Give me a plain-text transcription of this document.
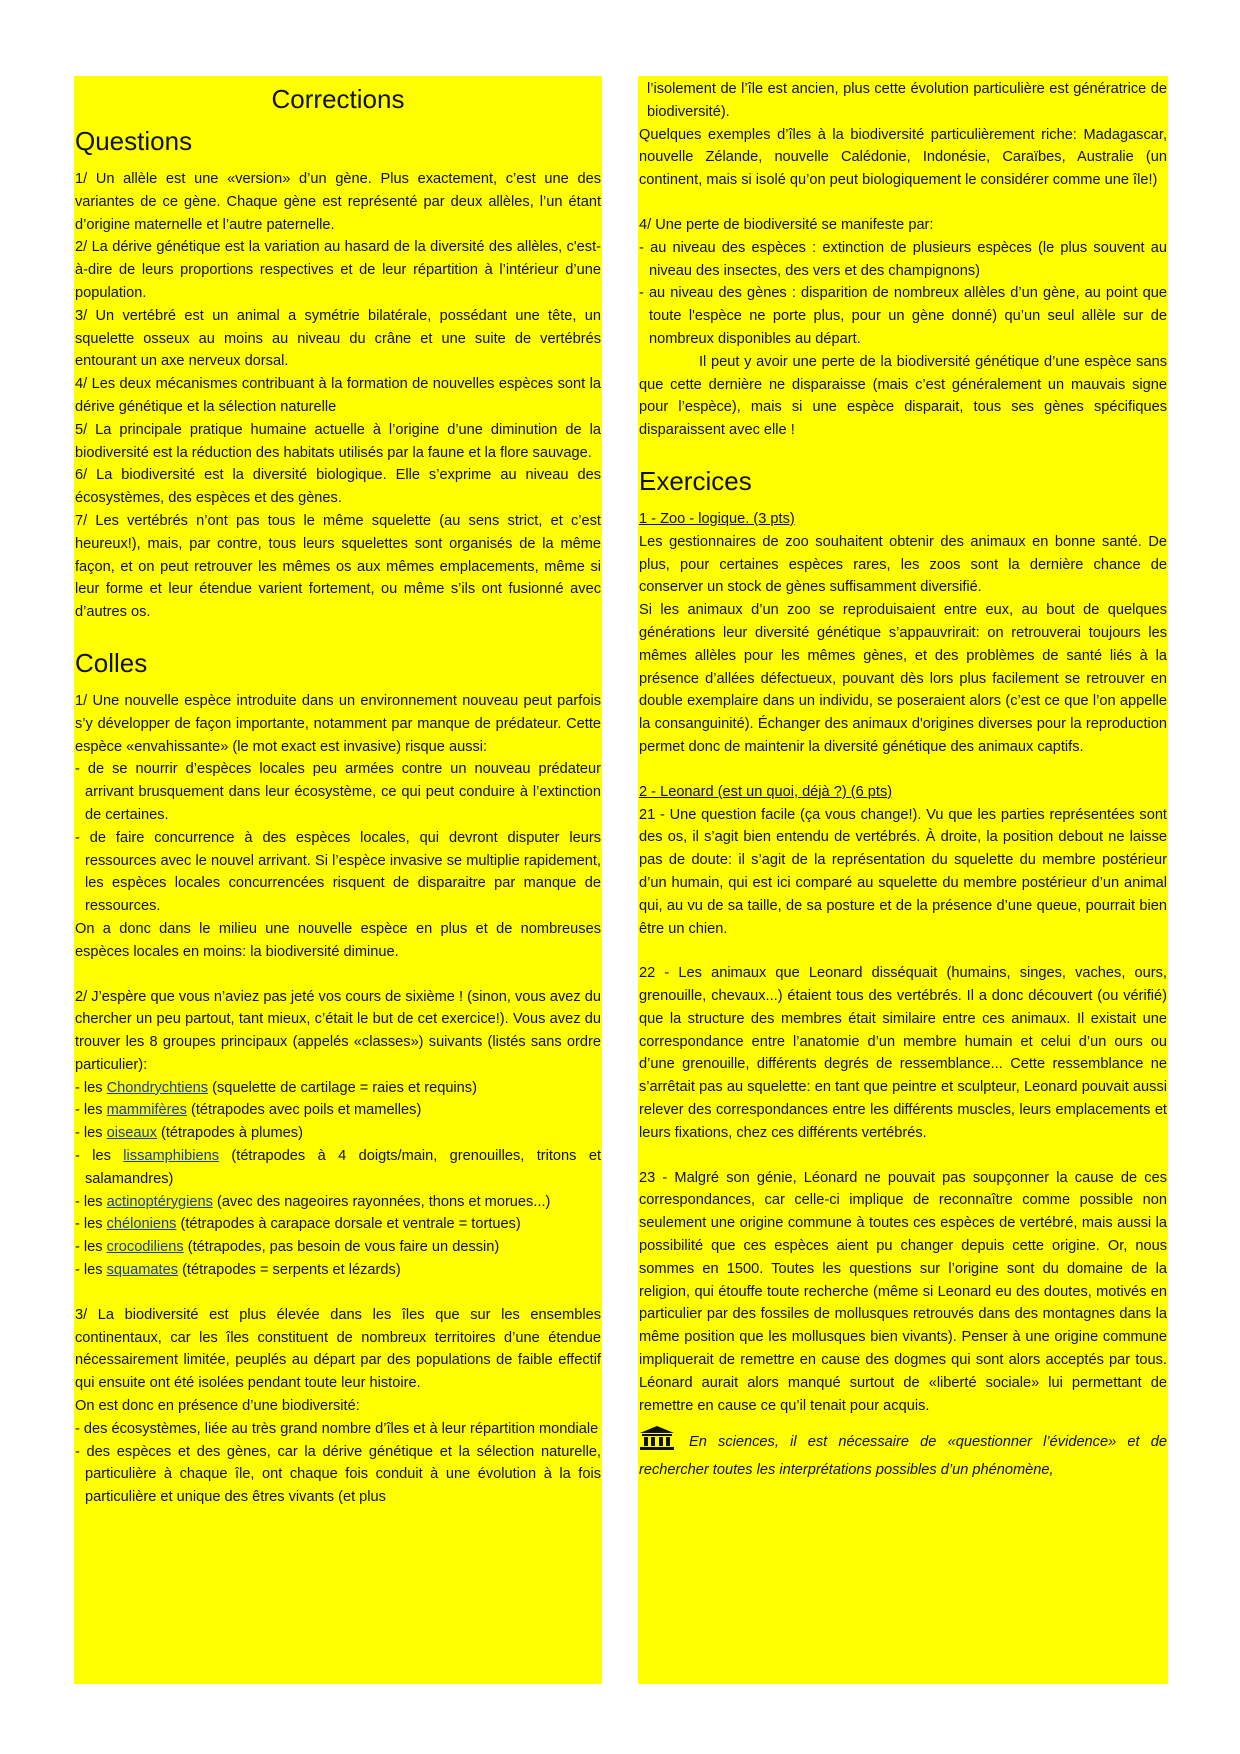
Corrections
Questions

1/ Un allèle est une «version» d’un gène. Plus exactement, c’est une des variantes de ce gène. Chaque gène est représenté par deux allèles, l’un étant d’origine maternelle et l’autre paternelle.

2/ La dérive génétique est la variation au hasard de la diversité des allèles, c'est-à-dire de leurs proportions respectives et de leur répartition à l’intérieur d’une population.

3/ Un vertébré est un animal a symétrie bilatérale, possédant une tête, un squelette osseux au moins au niveau du crâne et une suite de vertébrés entourant un axe nerveux dorsal.

4/ Les deux mécanismes contribuant à la formation de nouvelles espèces sont la dérive génétique et la sélection naturelle

5/ La principale pratique humaine actuelle à l’origine d’une diminution de la biodiversité est la réduction des habitats utilisés par la faune et la flore sauvage.

6/ La biodiversité est la diversité biologique. Elle s’exprime au niveau des écosystèmes, des espèces et des gènes.

7/ Les vertébrés n’ont pas tous le même squelette (au sens strict, et c’est heureux!), mais, par contre, tous leurs squelettes sont organisés de la même façon, et on peut retrouver les mêmes os aux mêmes emplacements, même si leur forme et leur étendue varient fortement, ou même s’ils ont fusionné avec d’autres os.

Colles

1/ Une nouvelle espèce introduite dans un environnement nouveau peut parfois s’y développer de façon importante, notamment par manque de prédateur. Cette espèce «envahissante» (le mot exact est invasive) risque aussi:

- de se nourrir d’espèces locales peu armées contre un nouveau prédateur arrivant brusquement dans leur écosystème, ce qui peut conduire à l’extinction de certaines.

- de faire concurrence à des espèces locales, qui devront disputer leurs ressources avec le nouvel arrivant. Si l’espèce invasive se multiplie rapidement, les espèces locales concurrencées risquent de disparaitre par manque de ressources.

On a donc dans le milieu une nouvelle espèce en plus et de nombreuses espèces locales en moins: la biodiversité diminue.

2/ J’espère que vous n’aviez pas jeté vos cours de sixième ! (sinon, vous avez du chercher un peu partout, tant mieux, c’était le but de cet exercice!). Vous avez du trouver les 8 groupes principaux (appelés «classes») suivants (listés sans ordre particulier):

- les Chondrychtiens (squelette de cartilage = raies et requins)

- les mammifères (tétrapodes avec poils et mamelles)

- les oiseaux (tétrapodes à plumes)

- les lissamphibiens (tétrapodes à 4 doigts/main, grenouilles, tritons et salamandres)

- les actinoptérygiens (avec des nageoires rayonnées, thons et morues...)

- les chéloniens (tétrapodes à carapace dorsale et ventrale = tortues)

- les crocodiliens (tétrapodes, pas besoin de vous faire un dessin)

- les squamates (tétrapodes = serpents et lézards)

3/ La biodiversité est plus élevée dans les îles que sur les ensembles continentaux, car les îles constituent de nombreux territoires d’une étendue nécessairement limitée, peuplés au départ par des populations de faible effectif qui ensuite ont été isolées pendant toute leur histoire.

On est donc en présence d’une biodiversité:

- des écosystèmes, liée au très grand nombre d’îles et à leur répartition mondiale

- des espèces et des gènes, car la dérive génétique et la sélection naturelle, particulière à chaque île, ont chaque fois conduit à une évolution à la fois particulière et unique des êtres vivants (et plus

l’isolement de l’île est ancien, plus cette évolution particulière est génératrice de biodiversité).

Quelques exemples d’îles à la biodiversité particulièrement riche: Madagascar, nouvelle Zélande, nouvelle Calédonie, Indonésie, Caraïbes, Australie (un continent, mais si isolé qu’on peut biologiquement le considérer comme une île!)

4/ Une perte de biodiversité se manifeste par:

- au niveau des espèces : extinction de plusieurs espèces (le plus souvent au niveau des insectes, des vers et des champignons)

- au niveau des gènes : disparition de nombreux allèles d’un gène, au point que toute l'espèce ne porte plus, pour un gène donné) qu’un seul allèle sur de nombreux disponibles au départ.

Il peut y avoir une perte de la biodiversité génétique d’une espèce sans que cette dernière ne disparaisse (mais c’est généralement un mauvais signe pour l’espèce), mais si une espèce disparait, tous ses gènes spécifiques disparaissent avec elle !

Exercices

1 - Zoo - logique. (3 pts)

Les gestionnaires de zoo souhaitent obtenir des animaux en bonne santé. De plus, pour certaines espèces rares, les zoos sont la dernière chance de conserver un stock de gènes suffisamment diversifié.

Si les animaux d’un zoo se reproduisaient entre eux, au bout de quelques générations leur diversité génétique s’appauvrirait: on retrouverai toujours les mêmes allèles pour les mêmes gènes, et des problèmes de santé liés à la présence d’allées défectueux, pouvant dès lors plus facilement se retrouver en double exemplaire dans un individu, se poseraient alors (c’est ce que l’on appelle la consanguinité). Échanger des animaux d'origines diverses pour la reproduction permet donc de maintenir la diversité génétique des animaux captifs.

2 - Leonard (est un quoi, déjà ?) (6 pts)

21 - Une question facile (ça vous change!). Vu que les parties représentées sont des os, il s’agit bien entendu de vertébrés. À droite, la position debout ne laisse pas de doute: il s’agit de la représentation du squelette du membre postérieur d’un humain, qui est ici comparé au squelette du membre postérieur d’un animal qui, au vu de sa taille, de sa posture et de la présence d’une queue, pourrait bien être un chien.

22 - Les animaux que Leonard disséquait (humains, singes, vaches, ours, grenouille, chevaux...) étaient tous des vertébrés. Il a donc découvert (ou vérifié) que la structure des membres était similaire entre ces animaux. Il existait une correspondance entre l’anatomie d’un membre humain et celui d’un ours ou d’une grenouille, différents degrés de ressemblance... Cette ressemblance ne s’arrêtait pas au squelette: en tant que peintre et sculpteur, Leonard pouvait aussi relever des correspondances entre les différents muscles, leurs emplacements et leurs fixations, chez ces différents vertébrés.

23 - Malgré son génie, Léonard ne pouvait pas soupçonner la cause de ces correspondances, car celle-ci implique de reconnaître comme possible non seulement une origine commune à toutes ces espèces de vertébré, mais aussi la possibilité que ces espèces aient pu changer depuis cette origine. Or, nous sommes en 1500. Toutes les questions sur l’origine sont du domaine de la religion, qui étouffe toute recherche (même si Leonard eu des doutes, motivés en particulier par des fossiles de mollusques retrouvés dans des montagnes dans la même position que les mollusques bien vivants). Penser à une origine commune impliquerait de remettre en cause des dogmes qui sont alors acceptés par tous. Léonard aurait alors manqué surtout de «liberté sociale» lui permettant de remettre en cause ce qu’il tenait pour acquis.

En sciences, il est nécessaire de «questionner l’évidence» et de rechercher toutes les interprétations possibles d’un phénomène,
